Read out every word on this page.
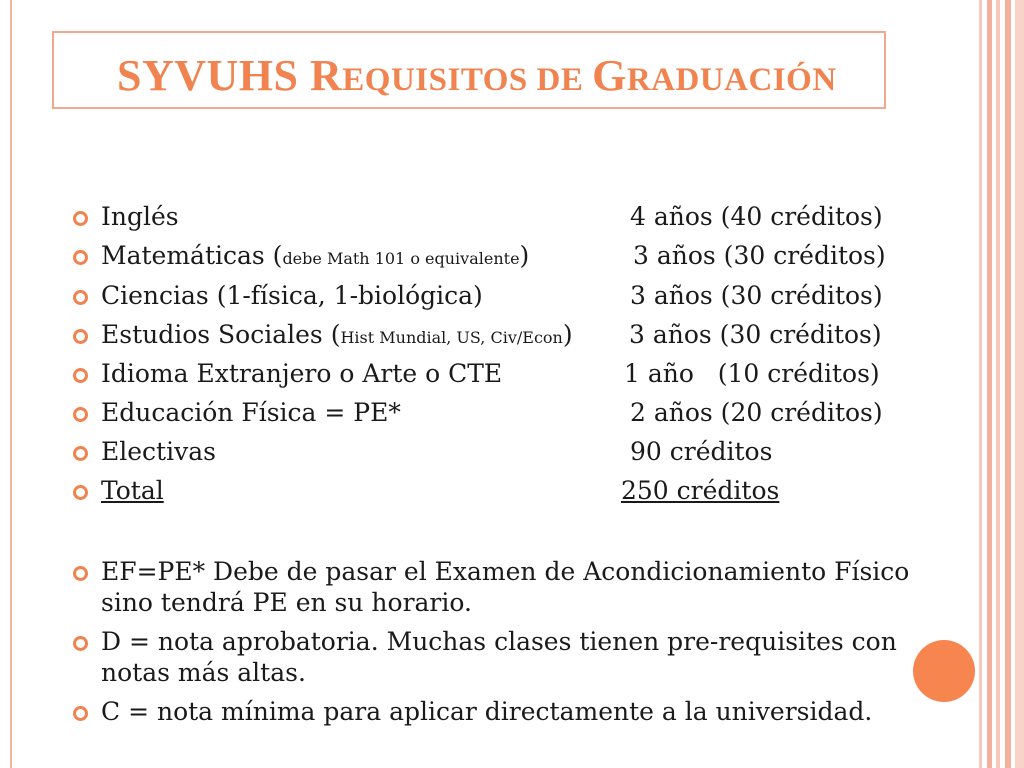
SYVUHS REQUISITOS DE GRADUACIÓN
Inglés	4 años (40 créditos)
Matemáticas (debe Math 101 o equivalente)	3 años (30 créditos)
Ciencias (1-física, 1-biológica)	3 años (30 créditos)
Estudios Sociales (Hist Mundial, US, Civ/Econ) 3 años (30 créditos)
Idioma Extranjero o Arte o CTE	1 año   (10 créditos)
Educación Física = PE*	2 años (20 créditos)
Electivas	90 créditos
Total	250 créditos
EF=PE* Debe de pasar el Examen de Acondicionamiento Físico sino tendrá PE en su horario.
D = nota aprobatoria. Muchas clases tienen pre-requisites con notas más altas.
C = nota mínima para aplicar directamente a la universidad.
